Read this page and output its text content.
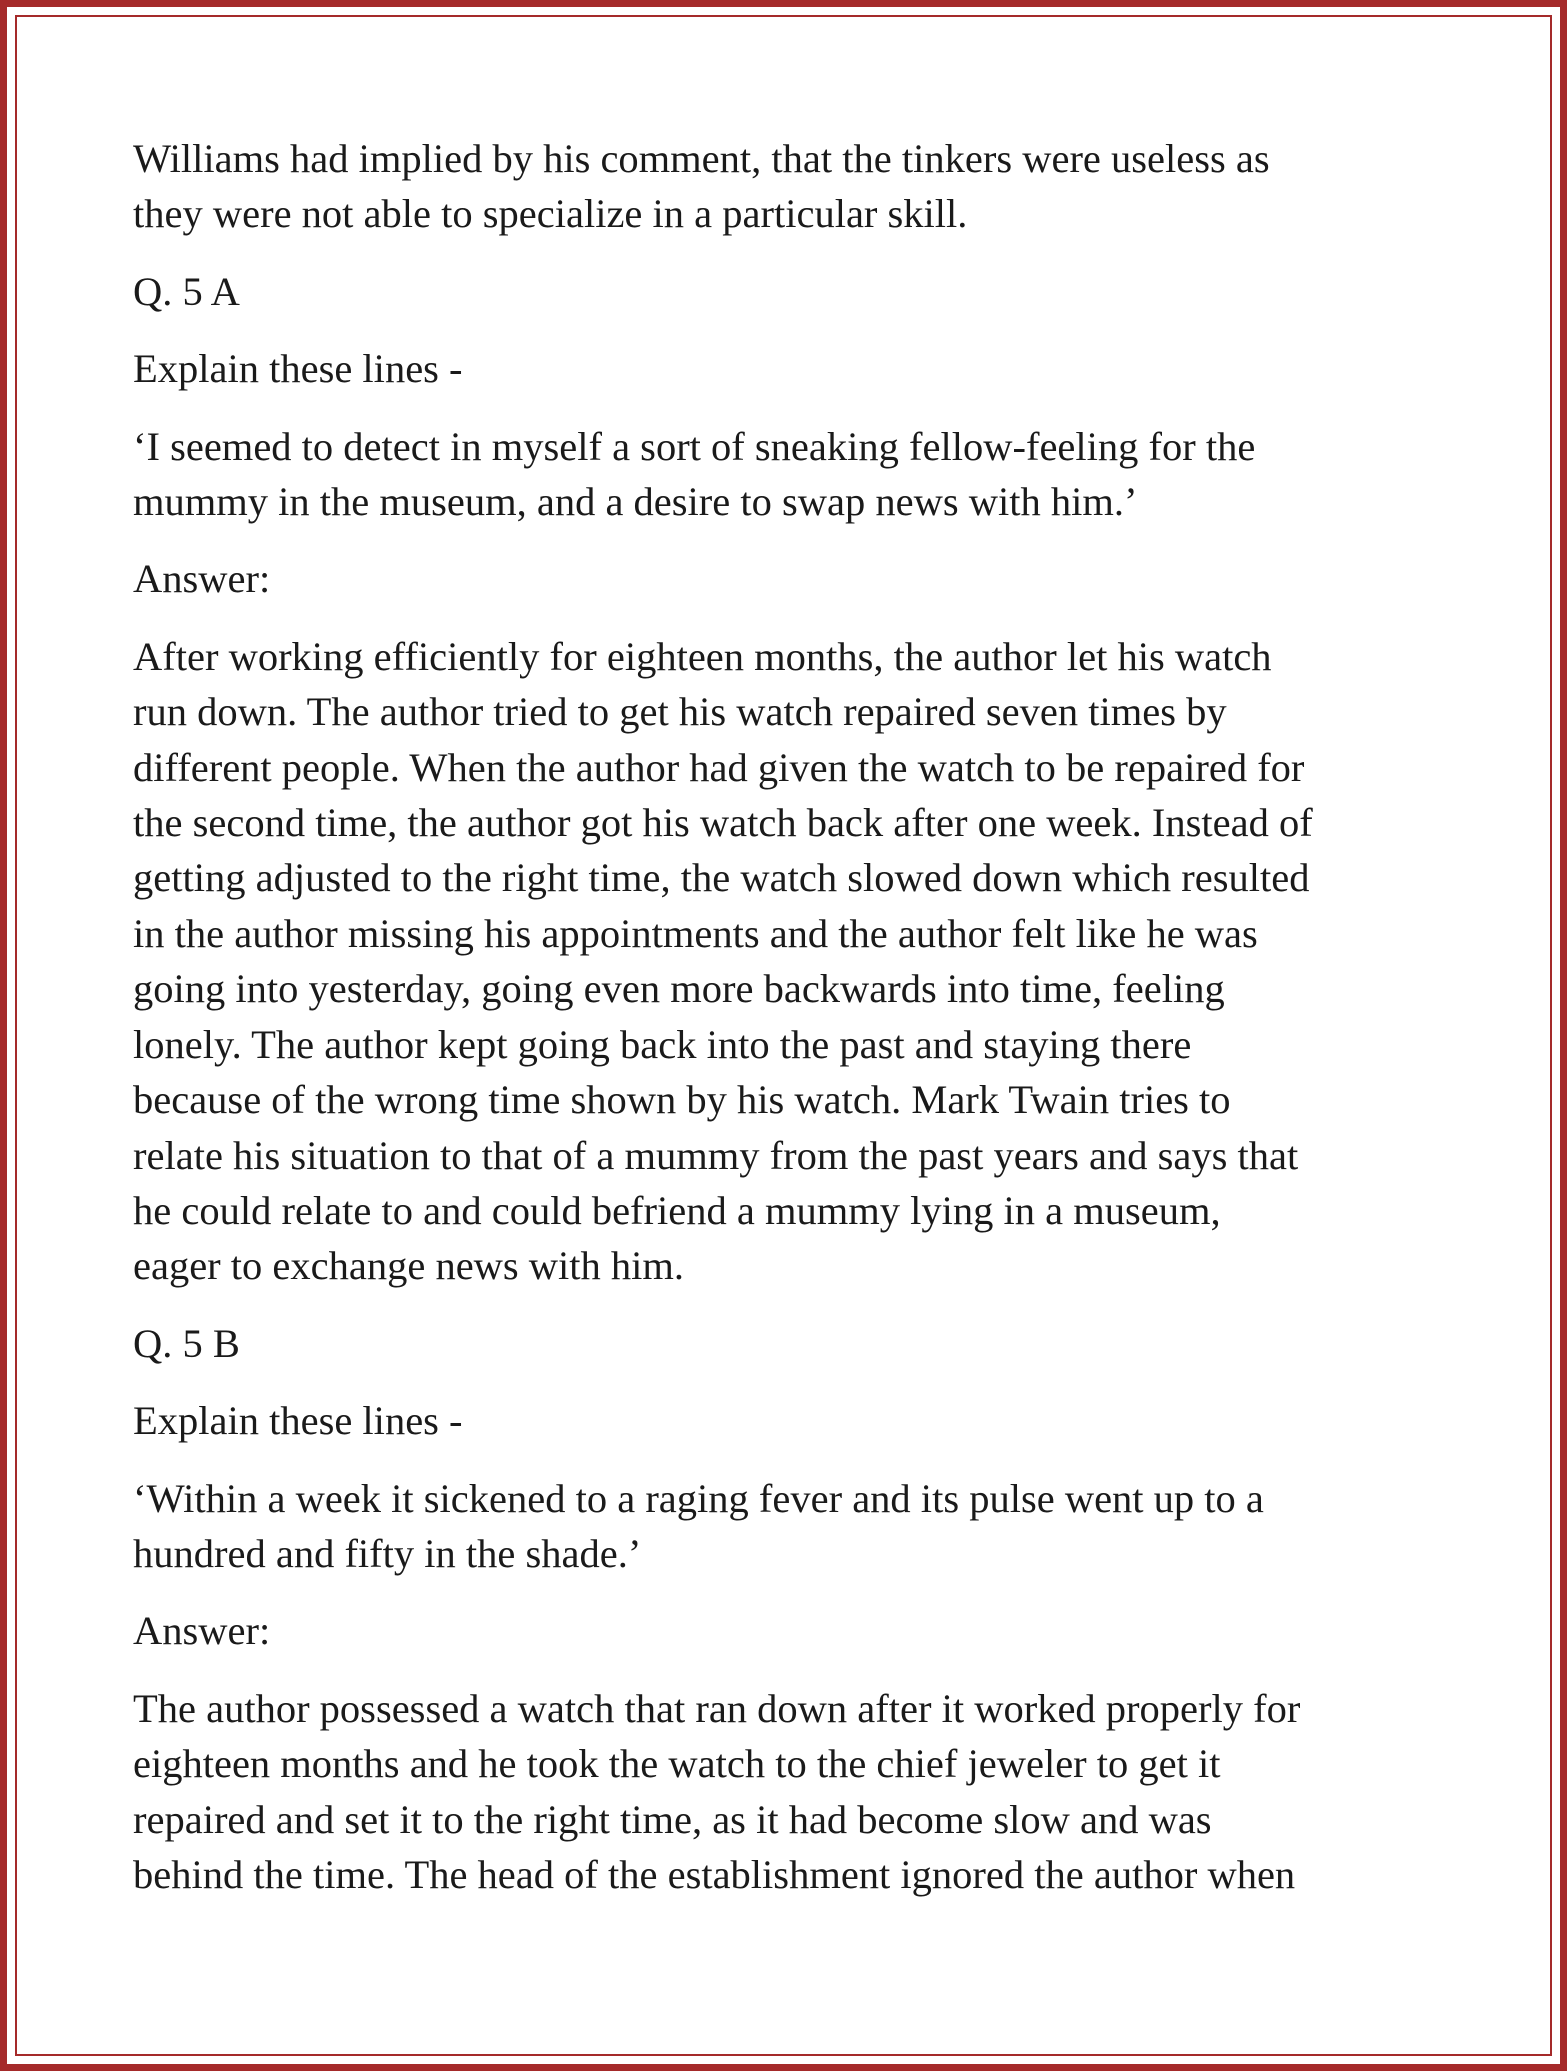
Williams had implied by his comment, that the tinkers were useless as
they were not able to specialize in a particular skill.

Q. 5 A

Explain these lines -

‘I seemed to detect in myself a sort of sneaking fellow-feeling for the
mummy in the museum, and a desire to swap news with him.’

Answer:

After working efficiently for eighteen months, the author let his watch
run down. The author tried to get his watch repaired seven times by
different people. When the author had given the watch to be repaired for
the second time, the author got his watch back after one week. Instead of
getting adjusted to the right time, the watch slowed down which resulted
in the author missing his appointments and the author felt like he was
going into yesterday, going even more backwards into time, feeling
lonely. The author kept going back into the past and staying there
because of the wrong time shown by his watch. Mark Twain tries to
relate his situation to that of a mummy from the past years and says that
he could relate to and could befriend a mummy lying in a museum,
eager to exchange news with him.

Q. 5 B

Explain these lines -

‘Within a week it sickened to a raging fever and its pulse went up to a
hundred and fifty in the shade.’

Answer:

The author possessed a watch that ran down after it worked properly for
eighteen months and he took the watch to the chief jeweler to get it
repaired and set it to the right time, as it had become slow and was
behind the time. The head of the establishment ignored the author when
